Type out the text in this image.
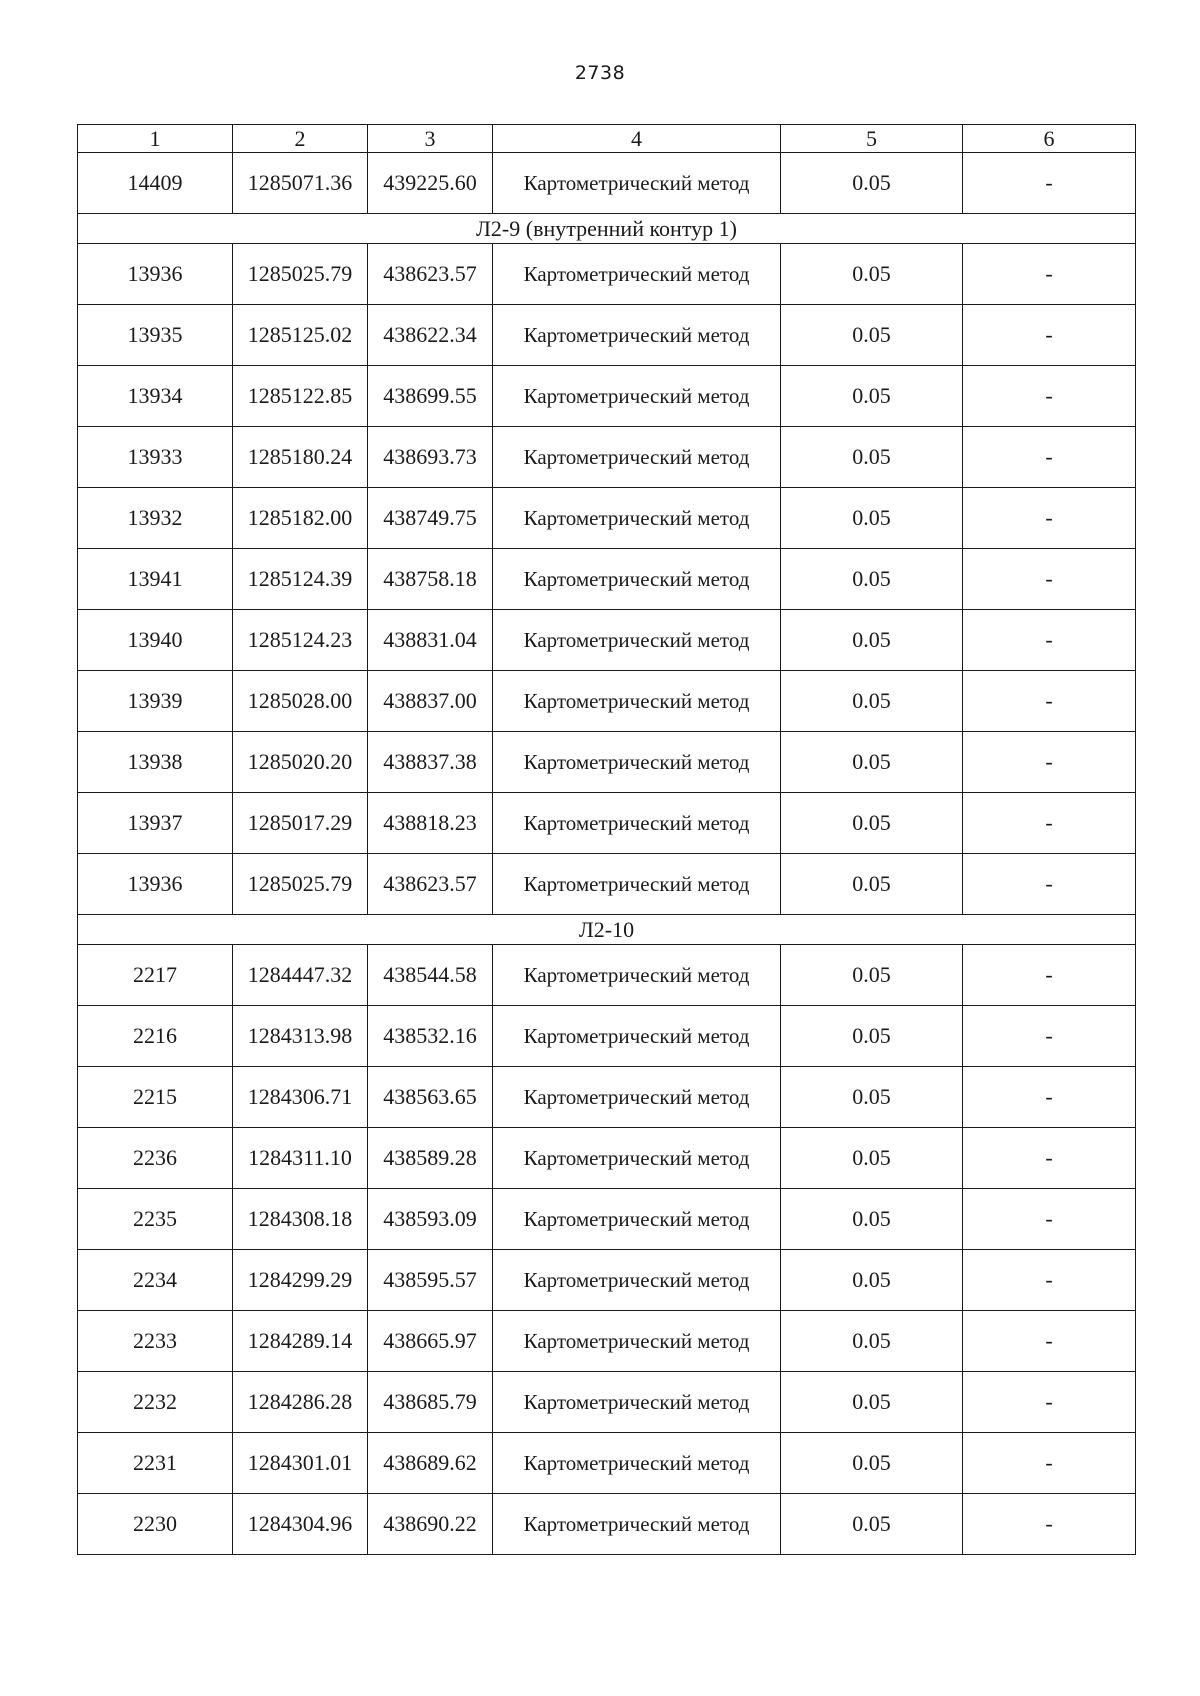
2738
1	2	3	4	5	6
14409	1285071.36	439225.60	Картометрический метод	0.05	-
Л2-9 (внутренний контур 1)					
13936	1285025.79	438623.57	Картометрический метод	0.05	-
13935	1285125.02	438622.34	Картометрический метод	0.05	-
13934	1285122.85	438699.55	Картометрический метод	0.05	-
13933	1285180.24	438693.73	Картометрический метод	0.05	-
13932	1285182.00	438749.75	Картометрический метод	0.05	-
13941	1285124.39	438758.18	Картометрический метод	0.05	-
13940	1285124.23	438831.04	Картометрический метод	0.05	-
13939	1285028.00	438837.00	Картометрический метод	0.05	-
13938	1285020.20	438837.38	Картометрический метод	0.05	-
13937	1285017.29	438818.23	Картометрический метод	0.05	-
13936	1285025.79	438623.57	Картометрический метод	0.05	-
Л2-10					
2217	1284447.32	438544.58	Картометрический метод	0.05	-
2216	1284313.98	438532.16	Картометрический метод	0.05	-
2215	1284306.71	438563.65	Картометрический метод	0.05	-
2236	1284311.10	438589.28	Картометрический метод	0.05	-
2235	1284308.18	438593.09	Картометрический метод	0.05	-
2234	1284299.29	438595.57	Картометрический метод	0.05	-
2233	1284289.14	438665.97	Картометрический метод	0.05	-
2232	1284286.28	438685.79	Картометрический метод	0.05	-
2231	1284301.01	438689.62	Картометрический метод	0.05	-
2230	1284304.96	438690.22	Картометрический метод	0.05	-
